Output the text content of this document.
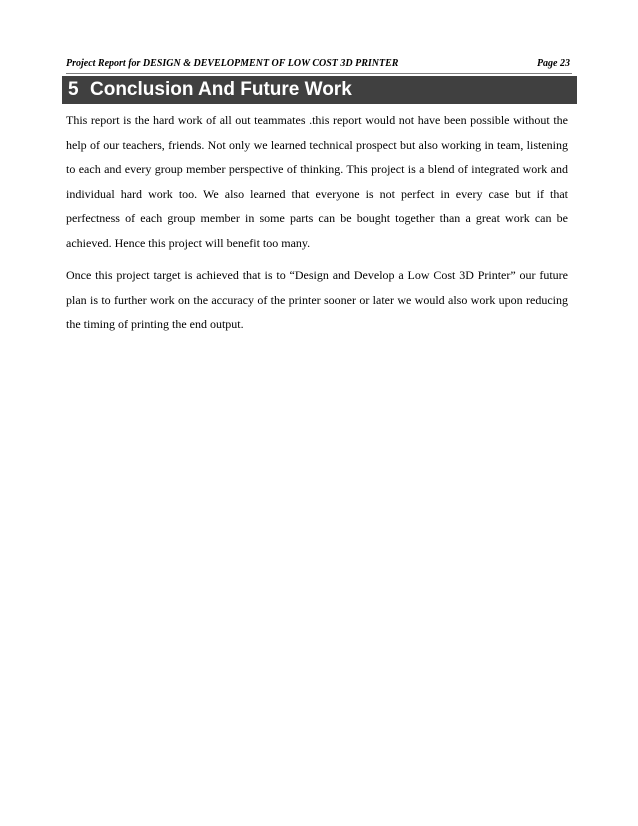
Project Report for DESIGN & DEVELOPMENT OF LOW COST 3D PRINTER	Page 23
5 Conclusion And Future Work

This report is the hard work of all out teammates .this report would not have been possible without the help of our teachers, friends. Not only we learned technical prospect but also working in team, listening to each and every group member perspective of thinking. This project is a blend of integrated work and individual hard work too. We also learned that everyone is not perfect in every case but if that perfectness of each group member in some parts can be bought together than a great work can be achieved. Hence this project will benefit too many.

Once this project target is achieved that is to “Design and Develop a Low Cost 3D Printer” our future plan is to further work on the accuracy of the printer sooner or later we would also work upon reducing the timing of printing the end output.
